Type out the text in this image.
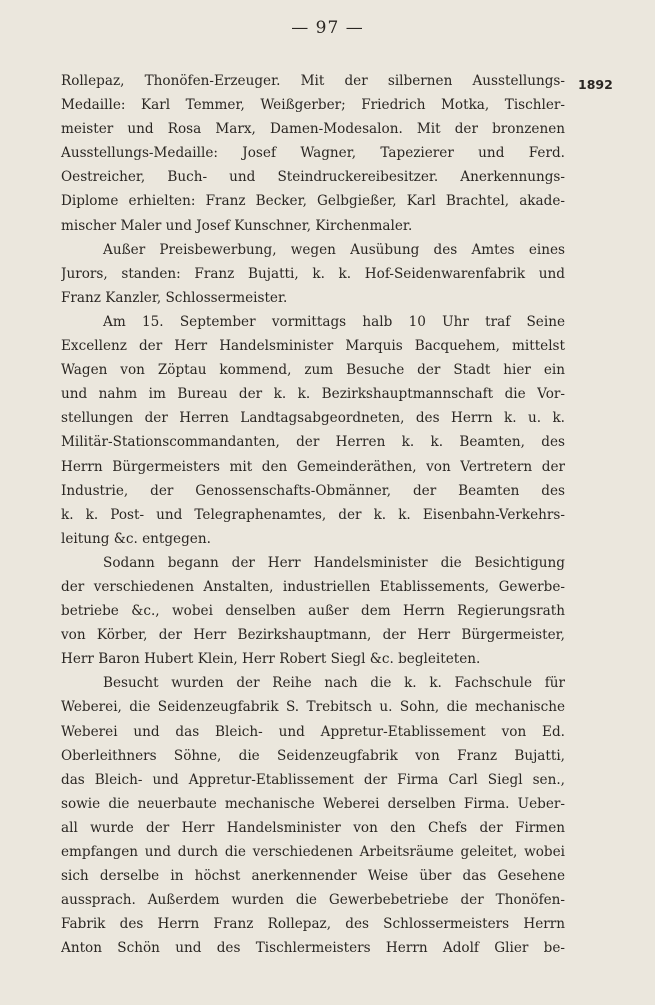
— 97 —
1892
Rollepaz, Thonöfen-Erzeuger. Mit der silbernen Ausstellungs-
Medaille: Karl Temmer, Weißgerber; Friedrich Motka, Tischler-
meister und Rosa Marx, Damen-Modesalon. Mit der bronzenen
Ausstellungs-Medaille: Josef Wagner, Tapezierer und Ferd.
Oestreicher, Buch- und Steindruckereibesitzer. Anerkennungs-
Diplome erhielten: Franz Becker, Gelbgießer, Karl Brachtel, akade-
mischer Maler und Josef Kunschner, Kirchenmaler.
Außer Preisbewerbung, wegen Ausübung des Amtes eines
Jurors, standen: Franz Bujatti, k. k. Hof-Seidenwarenfabrik und
Franz Kanzler, Schlossermeister.
Am 15. September vormittags halb 10 Uhr traf Seine
Excellenz der Herr Handelsminister Marquis Bacquehem, mittelst
Wagen von Zöptau kommend, zum Besuche der Stadt hier ein
und nahm im Bureau der k. k. Bezirkshauptmannschaft die Vor-
stellungen der Herren Landtagsabgeordneten, des Herrn k. u. k.
Militär-Stationscommandanten, der Herren k. k. Beamten, des
Herrn Bürgermeisters mit den Gemeinderäthen, von Vertretern der
Industrie, der Genossenschafts-Obmänner, der Beamten des
k. k. Post- und Telegraphenamtes, der k. k. Eisenbahn-Verkehrs-
leitung &c. entgegen.
Sodann begann der Herr Handelsminister die Besichtigung
der verschiedenen Anstalten, industriellen Etablissements, Gewerbe-
betriebe &c., wobei denselben außer dem Herrn Regierungsrath
von Körber, der Herr Bezirkshauptmann, der Herr Bürgermeister,
Herr Baron Hubert Klein, Herr Robert Siegl &c. begleiteten.
Besucht wurden der Reihe nach die k. k. Fachschule für
Weberei, die Seidenzeugfabrik S. Trebitsch u. Sohn, die mechanische
Weberei und das Bleich- und Appretur-Etablissement von Ed.
Oberleithners Söhne, die Seidenzeugfabrik von Franz Bujatti,
das Bleich- und Appretur-Etablissement der Firma Carl Siegl sen.,
sowie die neuerbaute mechanische Weberei derselben Firma. Ueber-
all wurde der Herr Handelsminister von den Chefs der Firmen
empfangen und durch die verschiedenen Arbeitsräume geleitet, wobei
sich derselbe in höchst anerkennender Weise über das Gesehene
aussprach. Außerdem wurden die Gewerbebetriebe der Thonöfen-
Fabrik des Herrn Franz Rollepaz, des Schlossermeisters Herrn
Anton Schön und des Tischlermeisters Herrn Adolf Glier be-
